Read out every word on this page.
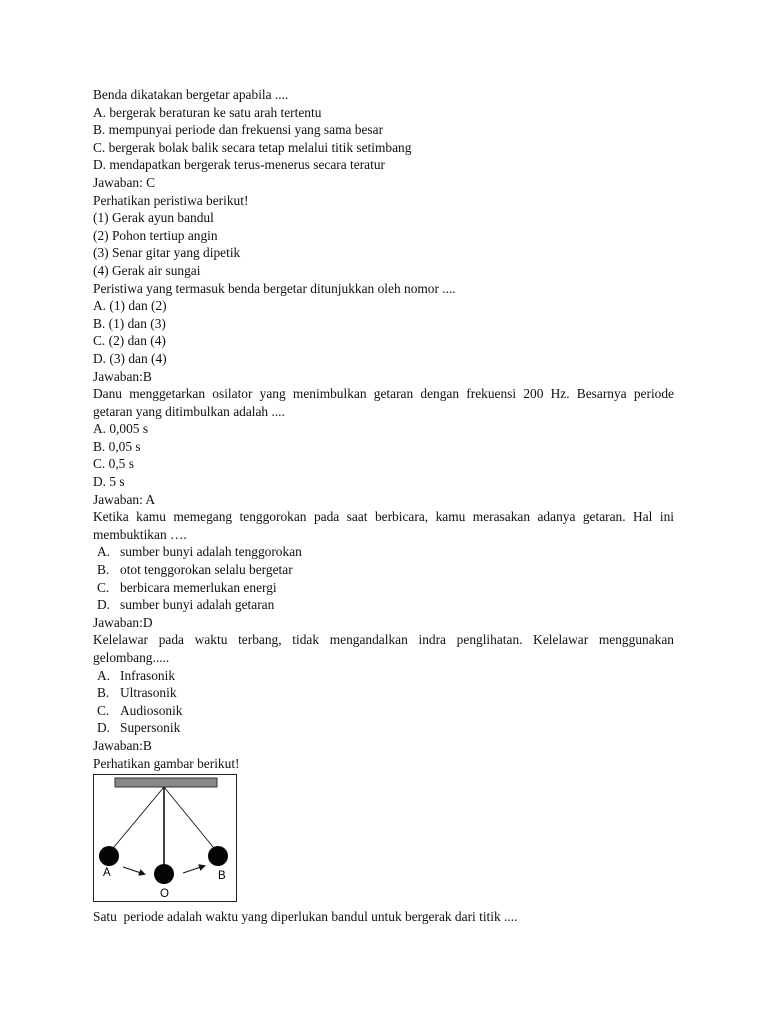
Benda dikatakan bergetar apabila ....
A. bergerak beraturan ke satu arah tertentu
B. mempunyai periode dan frekuensi yang sama besar
C. bergerak bolak balik secara tetap melalui titik setimbang
D. mendapatkan bergerak terus-menerus secara teratur
Jawaban: C
Perhatikan peristiwa berikut!
(1) Gerak ayun bandul
(2) Pohon tertiup angin
(3) Senar gitar yang dipetik
(4) Gerak air sungai
Peristiwa yang termasuk benda bergetar ditunjukkan oleh nomor ....
A. (1) dan (2)
B. (1) dan (3)
C. (2) dan (4)
D. (3) dan (4)
Jawaban:B
Danu menggetarkan osilator yang menimbulkan getaran dengan frekuensi 200 Hz. Besarnya periode getaran yang ditimbulkan adalah ....
A. 0,005 s
B. 0,05 s
C. 0,5 s
D. 5 s
Jawaban: A
Ketika kamu memegang tenggorokan pada saat berbicara, kamu merasakan adanya getaran. Hal ini membuktikan ….
A. sumber bunyi adalah tenggorokan
B. otot tenggorokan selalu bergetar
C. berbicara memerlukan energi
D. sumber bunyi adalah getaran
Jawaban:D
Kelelawar pada waktu terbang, tidak mengandalkan indra penglihatan. Kelelawar menggunakan gelombang.....
A. Infrasonik
B. Ultrasonik
C. Audiosonik
D. Supersonik
Jawaban:B
Perhatikan gambar berikut!
A
O
B
Satu  periode adalah waktu yang diperlukan bandul untuk bergerak dari titik ....
